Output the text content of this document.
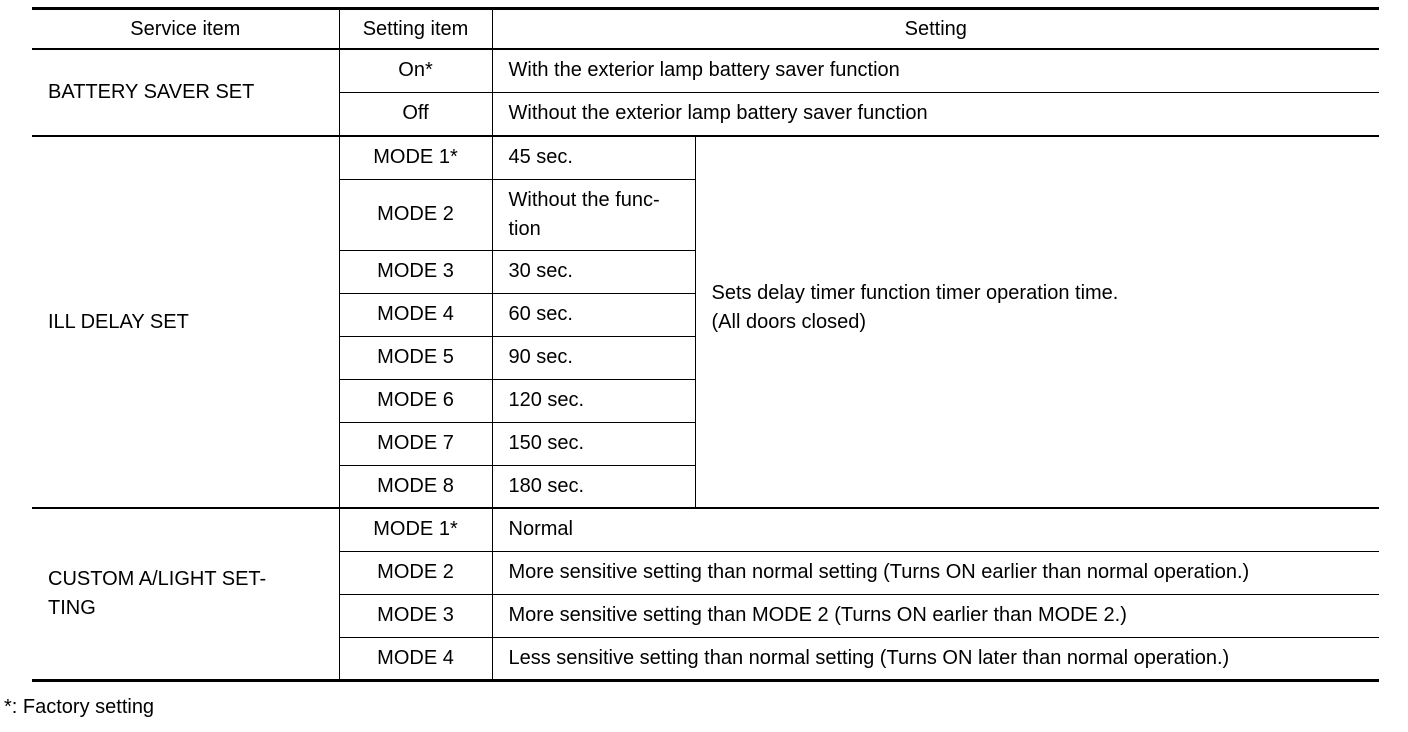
Service item	Setting item	Setting	
BATTERY SAVER SET	On*	With the exterior lamp battery saver function	
	Off	Without the exterior lamp battery saver function	
ILL DELAY SET	MODE 1*	45 sec.	Sets delay timer function timer operation time.
(All doors closed)

	MODE 2	Without the func-
tion	
	MODE 3	30 sec.	
	MODE 4	60 sec.	
	MODE 5	90 sec.	
	MODE 6	120 sec.	
	MODE 7	150 sec.	
	MODE 8	180 sec.	
CUSTOM A/LIGHT SET-
TING	MODE 1*	Normal	
	MODE 2	More sensitive setting than normal setting (Turns ON earlier than normal operation.)	
	MODE 3	More sensitive setting than MODE 2 (Turns ON earlier than MODE 2.)	
	MODE 4	Less sensitive setting than normal setting (Turns ON later than normal operation.)	
*: Factory setting
